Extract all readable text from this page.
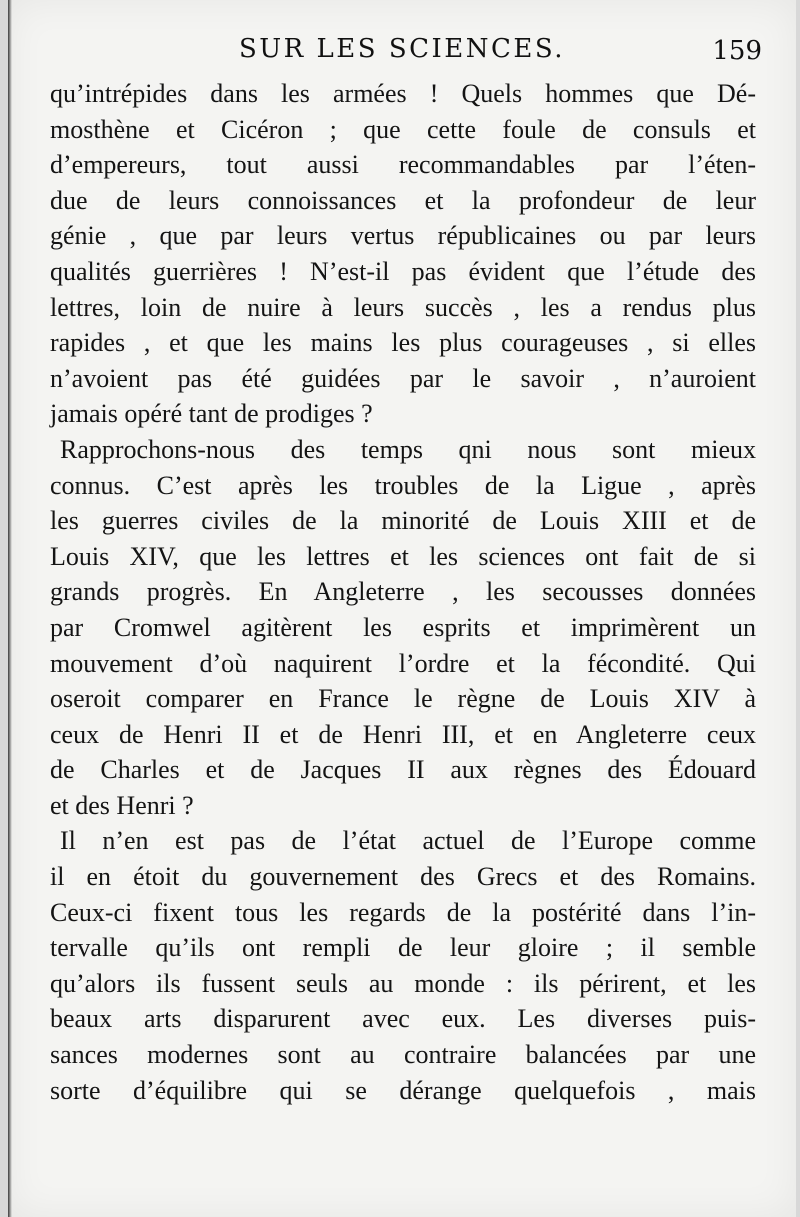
SUR LES SCIENCES.	159
qu’intrépides dans les armées ! Quels hommes que Dé-
mosthène et Cicéron ; que cette foule de consuls et
d’empereurs, tout aussi recommandables par l’éten-
due de leurs connoissances et la profondeur de leur
génie , que par leurs vertus républicaines ou par leurs
qualités guerrières ! N’est-il pas évident que l’étude des
lettres, loin de nuire à leurs succès , les a rendus plus
rapides , et que les mains les plus courageuses , si elles
n’avoient pas été guidées par le savoir , n’auroient
jamais opéré tant de prodiges ?
Rapprochons-nous des temps qni nous sont mieux
connus. C’est après les troubles de la Ligue , après
les guerres civiles de la minorité de Louis XIII et de
Louis XIV, que les lettres et les sciences ont fait de si
grands progrès. En Angleterre , les secousses données
par Cromwel agitèrent les esprits et imprimèrent un
mouvement d’où naquirent l’ordre et la fécondité. Qui
oseroit comparer en France le règne de Louis XIV à
ceux de Henri II et de Henri III, et en Angleterre ceux
de Charles et de Jacques II aux règnes des Édouard
et des Henri ?
Il n’en est pas de l’état actuel de l’Europe comme
il en étoit du gouvernement des Grecs et des Romains.
Ceux-ci fixent tous les regards de la postérité dans l’in-
tervalle qu’ils ont rempli de leur gloire ; il semble
qu’alors ils fussent seuls au monde : ils périrent, et les
beaux arts disparurent avec eux. Les diverses puis-
sances modernes sont au contraire balancées par une
sorte d’équilibre qui se dérange quelquefois , mais
